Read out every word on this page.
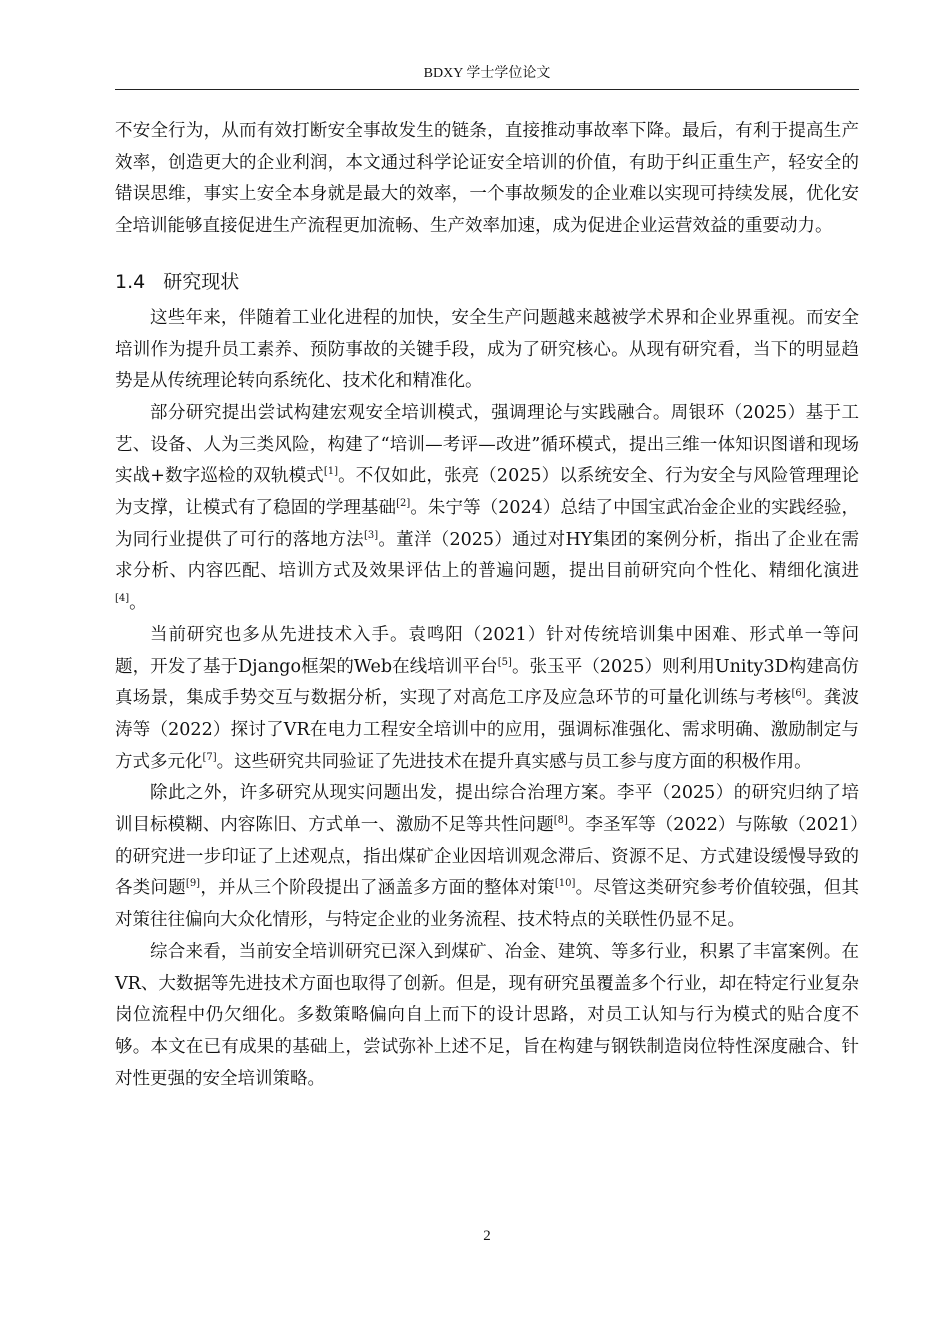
BDXY 学士学位论文

不安全行为，从而有效打断安全事故发生的链条，直接推动事故率下降。最后，有利于提高生产效率，创造更大的企业利润，本文通过科学论证安全培训的价值，有助于纠正重生产，轻安全的错误思维，事实上安全本身就是最大的效率，一个事故频发的企业难以实现可持续发展，优化安全培训能够直接促进生产流程更加流畅、生产效率加速，成为促进企业运营效益的重要动力。

1.4 研究现状

这些年来，伴随着工业化进程的加快，安全生产问题越来越被学术界和企业界重视。而安全培训作为提升员工素养、预防事故的关键手段，成为了研究核心。从现有研究看，当下的明显趋势是从传统理论转向系统化、技术化和精准化。

部分研究提出尝试构建宏观安全培训模式，强调理论与实践融合。周银环（2025）基于工艺、设备、人为三类风险，构建了“培训—考评—改进”循环模式，提出三维一体知识图谱和现场实战+数字巡检的双轨模式[1]。不仅如此，张亮（2025）以系统安全、行为安全与风险管理理论为支撑，让模式有了稳固的学理基础[2]。朱宁等（2024）总结了中国宝武冶金企业的实践经验，为同行业提供了可行的落地方法[3]。董洋（2025）通过对HY集团的案例分析，指出了企业在需求分析、内容匹配、培训方式及效果评估上的普遍问题，提出目前研究向个性化、精细化演进[4]。

当前研究也多从先进技术入手。袁鸣阳（2021）针对传统培训集中困难、形式单一等问题，开发了基于Django框架的Web在线培训平台[5]。张玉平（2025）则利用Unity3D构建高仿真场景，集成手势交互与数据分析，实现了对高危工序及应急环节的可量化训练与考核[6]。龚波涛等（2022）探讨了VR在电力工程安全培训中的应用，强调标准强化、需求明确、激励制定与方式多元化[7]。这些研究共同验证了先进技术在提升真实感与员工参与度方面的积极作用。

除此之外，许多研究从现实问题出发，提出综合治理方案。李平（2025）的研究归纳了培训目标模糊、内容陈旧、方式单一、激励不足等共性问题[8]。李圣军等（2022）与陈敏（2021）的研究进一步印证了上述观点，指出煤矿企业因培训观念滞后、资源不足、方式建设缓慢导致的各类问题[9]，并从三个阶段提出了涵盖多方面的整体对策[10]。尽管这类研究参考价值较强，但其对策往往偏向大众化情形，与特定企业的业务流程、技术特点的关联性仍显不足。

综合来看，当前安全培训研究已深入到煤矿、冶金、建筑、等多行业，积累了丰富案例。在VR、大数据等先进技术方面也取得了创新。但是，现有研究虽覆盖多个行业，却在特定行业复杂岗位流程中仍欠细化。多数策略偏向自上而下的设计思路，对员工认知与行为模式的贴合度不够。本文在已有成果的基础上，尝试弥补上述不足，旨在构建与钢铁制造岗位特性深度融合、针对性更强的安全培训策略。

2
